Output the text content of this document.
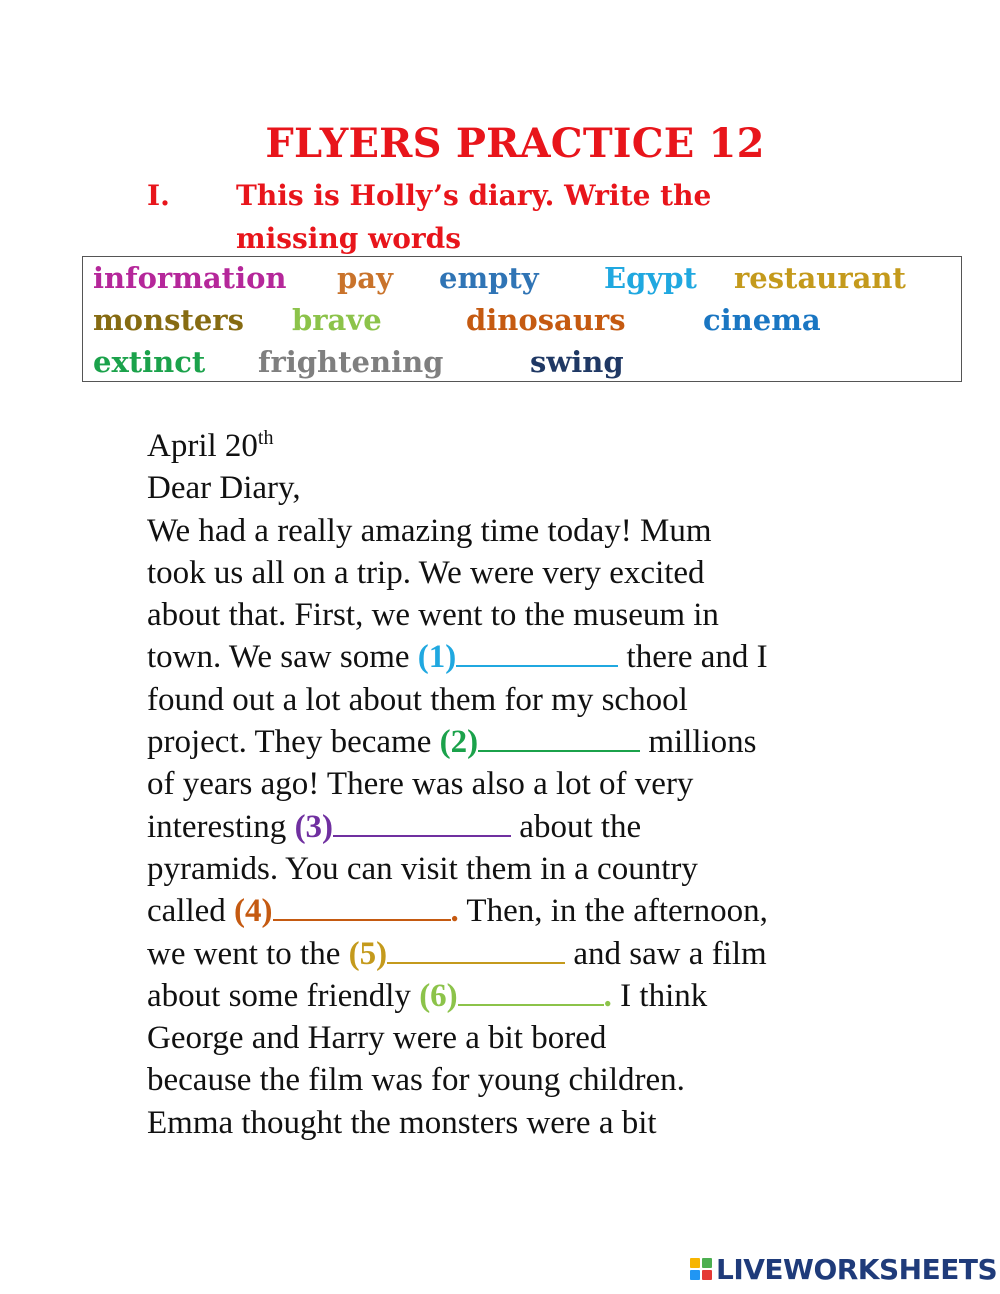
FLYERS PRACTICE 12
I. This is Holly’s diary. Write the
missing words
information pay empty Egypt restaurant
monsters brave	dinosaurs	cinema
extinct frightening	swing

April 20th

Dear Diary,

We had a really amazing time today! Mum

took us all on a trip. We were very excited

about that. First, we went to the museum in

town. We saw some (1)	there and I

found out a lot about them for my school

project. They became (2)	millions

of years ago! There was also a lot of very

interesting (3)	about the

pyramids. You can visit them in a country

called (4)	. Then, in the afternoon,

we went to the (5)	and saw a film

about some friendly (6)	. I think

George and Harry were a bit bored

because the film was for young children.

Emma thought the monsters were a bit

LIVEWORKSHEETS
